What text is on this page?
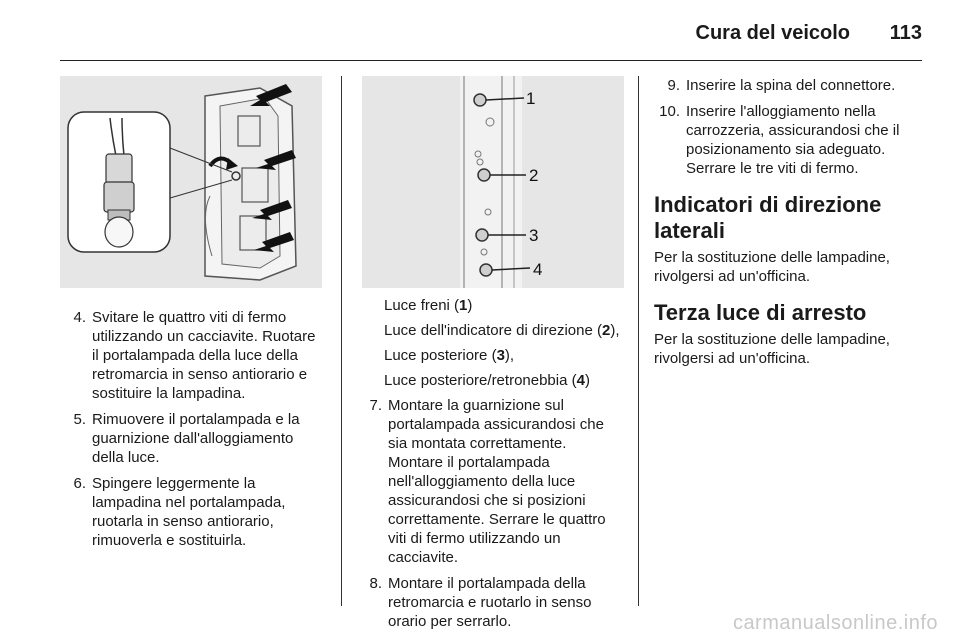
Cura del veicolo 113
4. Svitare le quattro viti di fermo utilizzando un cacciavite. Ruotare il portalampada della luce della retromarcia in senso antiorario e sostituire la lampadina.
5. Rimuovere il portalampada e la guarnizione dall'alloggiamento della luce.
6. Spingere leggermente la lampadina nel portalampada, ruotarla in senso antiorario, rimuoverla e sostituirla.
1
2
3
4

Luce freni (1)

Luce dell'indicatore di direzione (2),

Luce posteriore (3),

Luce posteriore/retronebbia (4)

7. Montare la guarnizione sul portalampada assicurandosi che sia montata correttamente. Montare il portalampada nell'alloggiamento della luce assicurandosi che si posizioni correttamente. Serrare le quattro viti di fermo utilizzando un cacciavite.
8. Montare il portalampada della retromarcia e ruotarlo in senso orario per serrarlo.
9. Inserire la spina del connettore.
10. Inserire l'alloggiamento nella carrozzeria, assicurandosi che il posizionamento sia adeguato. Serrare le tre viti di fermo.
Indicatori di direzione laterali

Per la sostituzione delle lampadine, rivolgersi ad un'officina.

Terza luce di arresto

Per la sostituzione delle lampadine, rivolgersi ad un'officina.

carmanualsonline.info
